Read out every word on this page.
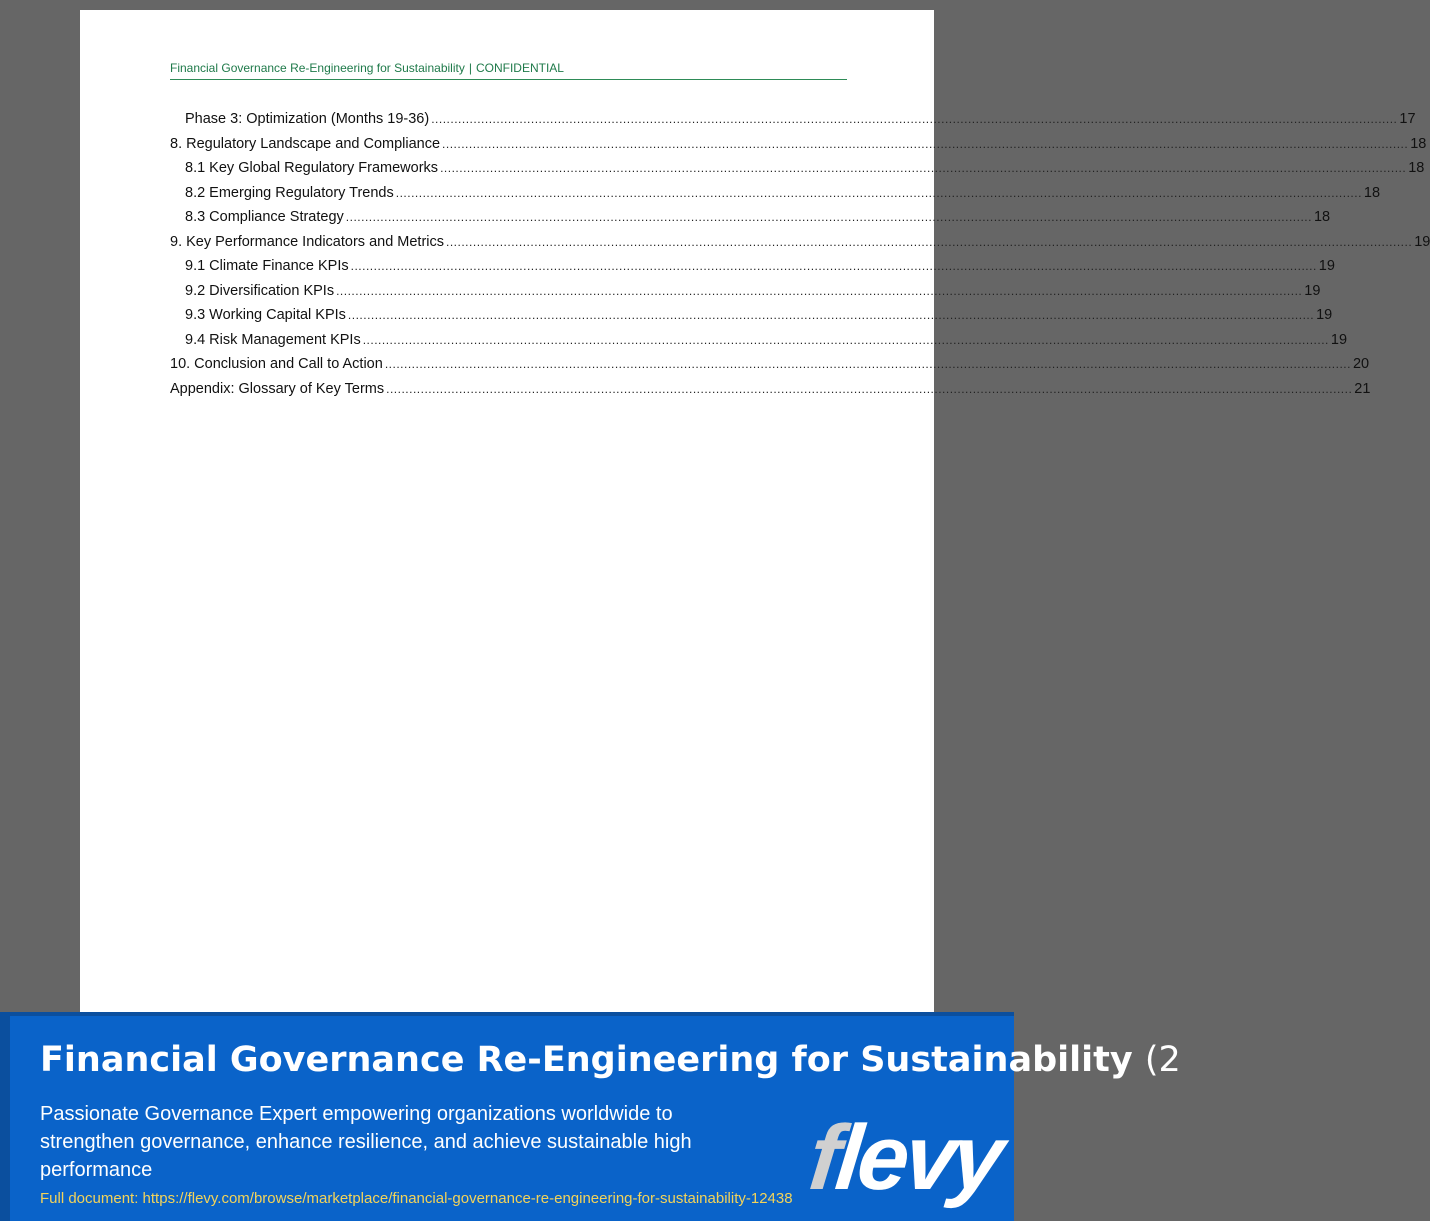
Financial Governance Re-Engineering for Sustainability | CONFIDENTIAL
Phase 3: Optimization (Months 19-36) .....	17
8. Regulatory Landscape and Compliance .....	18
8.1 Key Global Regulatory Frameworks .....	18
8.2 Emerging Regulatory Trends .....	18
8.3 Compliance Strategy .....	18
9. Key Performance Indicators and Metrics .....	19
9.1 Climate Finance KPIs .....	19
9.2 Diversification KPIs .....	19
9.3 Working Capital KPIs .....	19
9.4 Risk Management KPIs .....	19
10. Conclusion and Call to Action .....	20
Appendix: Glossary of Key Terms .....	21
Financial Governance Re-Engineering for Sustainability (2
Passionate Governance Expert empowering organizations worldwide to strengthen governance, enhance resilience, and achieve sustainable high performance
Full document: https://flevy.com/browse/marketplace/financial-governance-re-engineering-for-sustainability-12438 flevy
